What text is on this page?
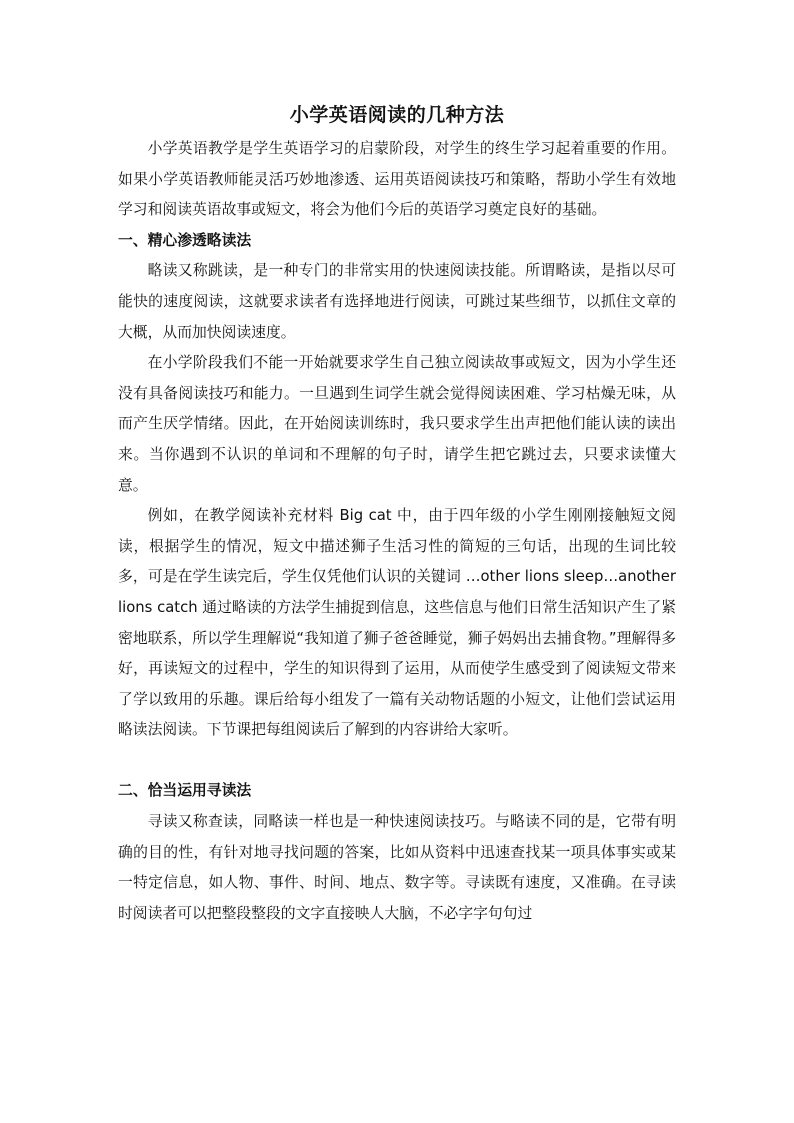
小学英语阅读的几种方法

小学英语教学是学生英语学习的启蒙阶段，对学生的终生学习起着重要的作用。如果小学英语教师能灵活巧妙地渗透、运用英语阅读技巧和策略，帮助小学生有效地学习和阅读英语故事或短文，将会为他们今后的英语学习奠定良好的基础。

一、精心渗透略读法

略读又称跳读，是一种专门的非常实用的快速阅读技能。所谓略读，是指以尽可能快的速度阅读，这就要求读者有选择地进行阅读，可跳过某些细节，以抓住文章的大概，从而加快阅读速度。

在小学阶段我们不能一开始就要求学生自己独立阅读故事或短文，因为小学生还没有具备阅读技巧和能力。一旦遇到生词学生就会觉得阅读困难、学习枯燥无味，从而产生厌学情绪。因此，在开始阅读训练时，我只要求学生出声把他们能认读的读出来。当你遇到不认识的单词和不理解的句子时，请学生把它跳过去，只要求读懂大意。

例如，在教学阅读补充材料 Big cat 中，由于四年级的小学生刚刚接触短文阅读，根据学生的情况，短文中描述狮子生活习性的简短的三句话，出现的生词比较多，可是在学生读完后，学生仅凭他们认识的关键词 …other lions sleep…another lions catch 通过略读的方法学生捕捉到信息，这些信息与他们日常生活知识产生了紧密地联系，所以学生理解说“我知道了狮子爸爸睡觉，狮子妈妈出去捕食物。”理解得多好，再读短文的过程中，学生的知识得到了运用，从而使学生感受到了阅读短文带来了学以致用的乐趣。课后给每小组发了一篇有关动物话题的小短文，让他们尝试运用略读法阅读。下节课把每组阅读后了解到的内容讲给大家听。

二、恰当运用寻读法

寻读又称查读，同略读一样也是一种快速阅读技巧。与略读不同的是，它带有明确的目的性，有针对地寻找问题的答案，比如从资料中迅速查找某一项具体事实或某一特定信息，如人物、事件、时间、地点、数字等。寻读既有速度，又准确。在寻读时阅读者可以把整段整段的文字直接映人大脑，不必字字句句过
